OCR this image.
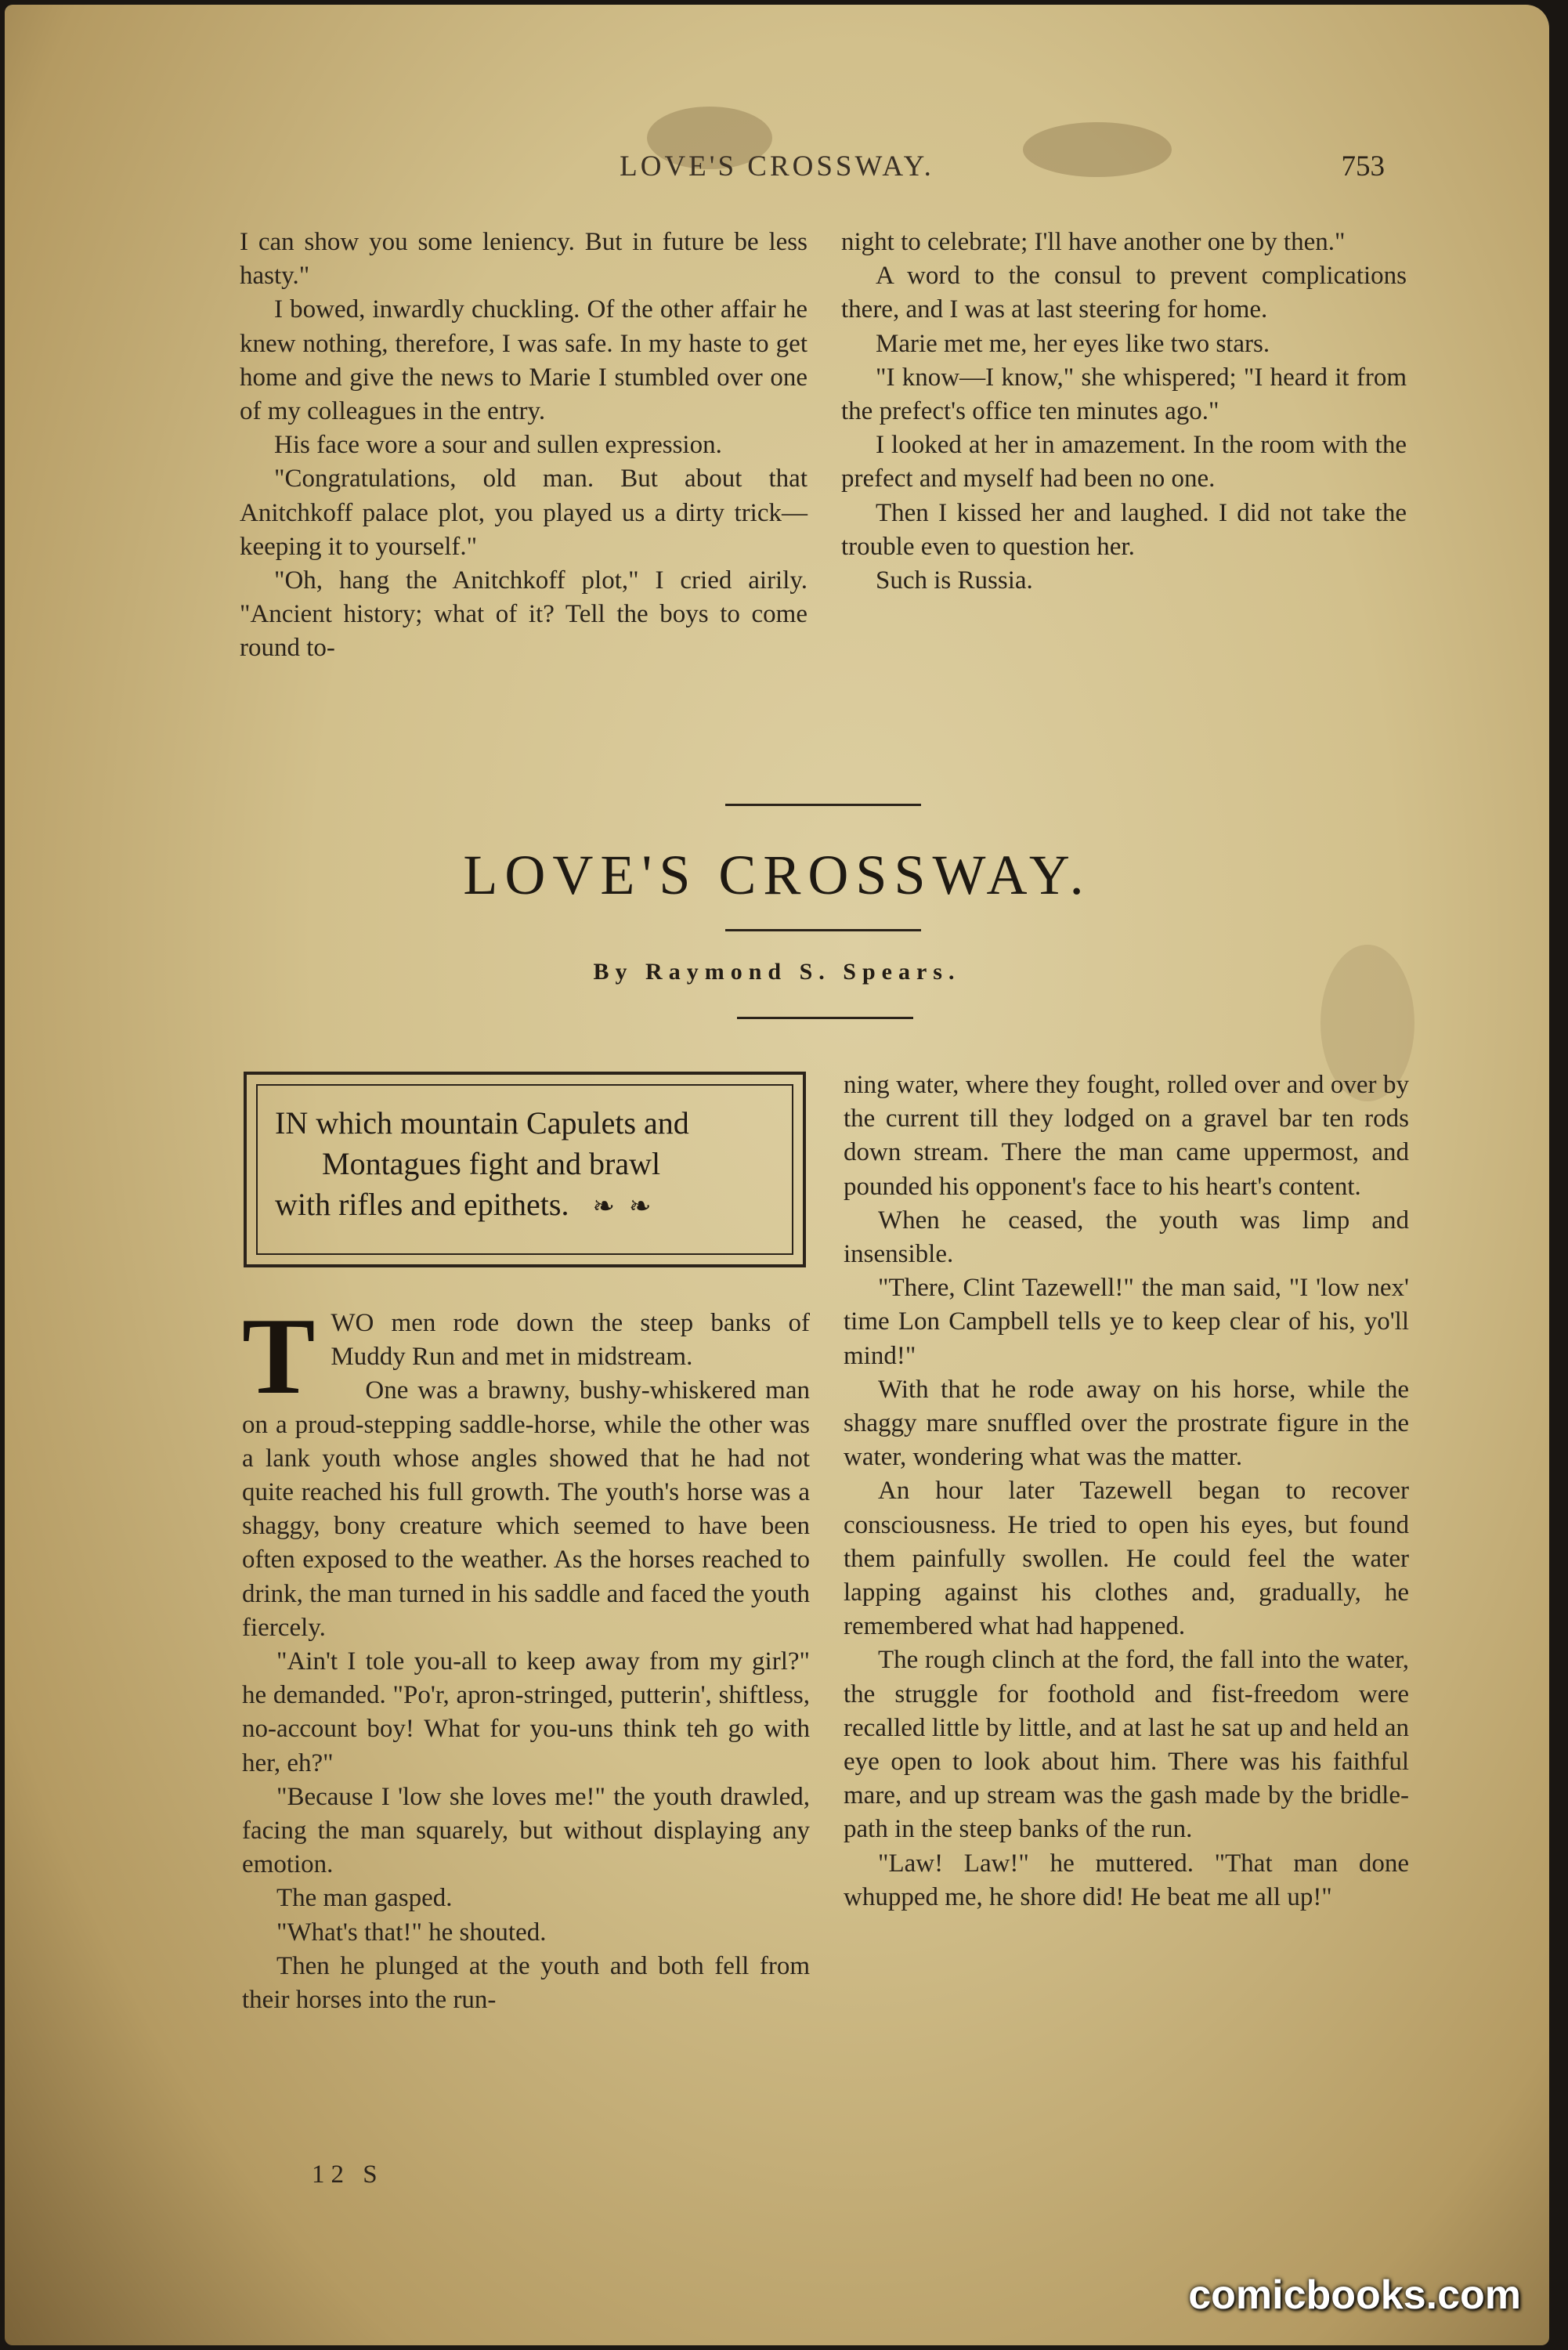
LOVE'S CROSSWAY.	753

I can show you some leniency. But in future be less hasty."

I bowed, inwardly chuckling. Of the other affair he knew nothing, therefore, I was safe. In my haste to get home and give the news to Marie I stumbled over one of my colleagues in the entry.

His face wore a sour and sullen expression.

"Congratulations, old man. But about that Anitchkoff palace plot, you played us a dirty trick—keeping it to yourself."

"Oh, hang the Anitchkoff plot," I cried airily. "Ancient history; what of it? Tell the boys to come round to-

night to celebrate; I'll have another one by then."

A word to the consul to prevent complications there, and I was at last steering for home.

Marie met me, her eyes like two stars.

"I know—I know," she whispered; "I heard it from the prefect's office ten minutes ago."

I looked at her in amazement. In the room with the prefect and myself had been no one.

Then I kissed her and laughed. I did not take the trouble even to question her.

Such is Russia.

LOVE'S CROSSWAY.
By Raymond S. Spears.
IN which mountain Capulets and
Montagues fight and brawl
with rifles and epithets. ❧❧

TWO men rode down the steep banks of Muddy Run and met in midstream.

One was a brawny, bushy-whiskered man on a proud-stepping saddle-horse, while the other was a lank youth whose angles showed that he had not quite reached his full growth. The youth's horse was a shaggy, bony creature which seemed to have been often exposed to the weather. As the horses reached to drink, the man turned in his saddle and faced the youth fiercely.

"Ain't I tole you-all to keep away from my girl?" he demanded. "Po'r, apron-stringed, putterin', shiftless, no-account boy! What for you-uns think teh go with her, eh?"

"Because I 'low she loves me!" the youth drawled, facing the man squarely, but without displaying any emotion.

The man gasped.

"What's that!" he shouted.

Then he plunged at the youth and both fell from their horses into the run-

ning water, where they fought, rolled over and over by the current till they lodged on a gravel bar ten rods down stream. There the man came uppermost, and pounded his opponent's face to his heart's content.

When he ceased, the youth was limp and insensible.

"There, Clint Tazewell!" the man said, "I 'low nex' time Lon Campbell tells ye to keep clear of his, yo'll mind!"

With that he rode away on his horse, while the shaggy mare snuffled over the prostrate figure in the water, wondering what was the matter.

An hour later Tazewell began to recover consciousness. He tried to open his eyes, but found them painfully swollen. He could feel the water lapping against his clothes and, gradually, he remembered what had happened.

The rough clinch at the ford, the fall into the water, the struggle for foothold and fist-freedom were recalled little by little, and at last he sat up and held an eye open to look about him. There was his faithful mare, and up stream was the gash made by the bridle-path in the steep banks of the run.

"Law! Law!" he muttered. "That man done whupped me, he shore did! He beat me all up!"

12 S
comicbooks.com
